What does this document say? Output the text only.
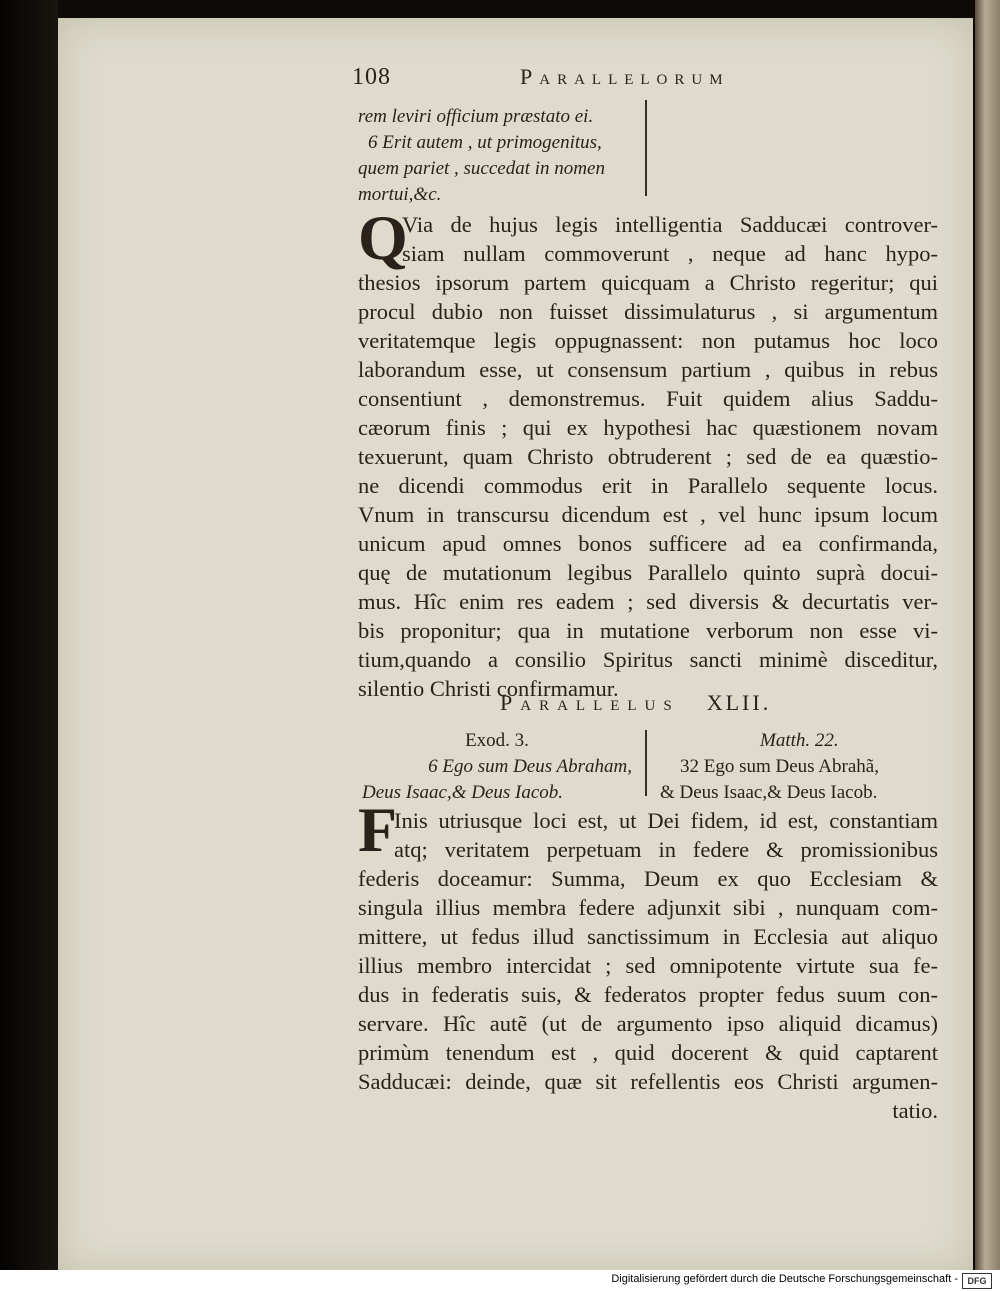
108	Parallelorum
rem leviri officium præstato ei.
6 Erit autem , ut primogenitus,
quem pariet , succedat in nomen
mortui,&c.
Q
Via de hujus legis intelligentia Sadducæi controver-
siam nullam commoverunt , neque ad hanc hypo-
thesios ipsorum partem quicquam a Christo regeritur; qui
procul dubio non fuisset dissimulaturus , si argumentum
veritatemque legis oppugnassent: non putamus hoc loco
laborandum esse, ut consensum partium , quibus in rebus
consentiunt , demonstremus. Fuit quidem alius Saddu-
cæorum finis ; qui ex hypothesi hac quæstionem novam
texuerunt, quam Christo obtruderent ; sed de ea quæstio-
ne dicendi commodus erit in Parallelo sequente locus.
Vnum in transcursu dicendum est , vel hunc ipsum locum
unicum apud omnes bonos sufficere ad ea confirmanda,
quę de mutationum legibus Parallelo quinto suprà docui-
mus. Hîc enim res eadem ; sed diversis & decurtatis ver-
bis proponitur; qua in mutatione verborum non esse vi-
tium,quando a consilio Spiritus sancti minimè disceditur,
silentio Christi confirmamur.
Parallelus XLII.
Exod. 3.
6 Ego sum Deus Abraham,
Deus Isaac,& Deus Iacob.
Matth. 22.
32 Ego sum Deus Abrahã,
& Deus Isaac,& Deus Iacob.
F
Inis utriusque loci est, ut Dei fidem, id est, constantiam
atq; veritatem perpetuam in federe & promissionibus
federis doceamur: Summa, Deum ex quo Ecclesiam &
singula illius membra federe adjunxit sibi , nunquam com-
mittere, ut fedus illud sanctissimum in Ecclesia aut aliquo
illius membro intercidat ; sed omnipotente virtute sua fe-
dus in federatis suis, & federatos propter fedus suum con-
servare. Hîc autẽ (ut de argumento ipso aliquid dicamus)
primùm tenendum est , quid docerent & quid captarent
Sadducæi: deinde, quæ sit refellentis eos Christi argumen-
tatio.
Digitalisierung gefördert durch die Deutsche Forschungsgemeinschaft -	DFG
